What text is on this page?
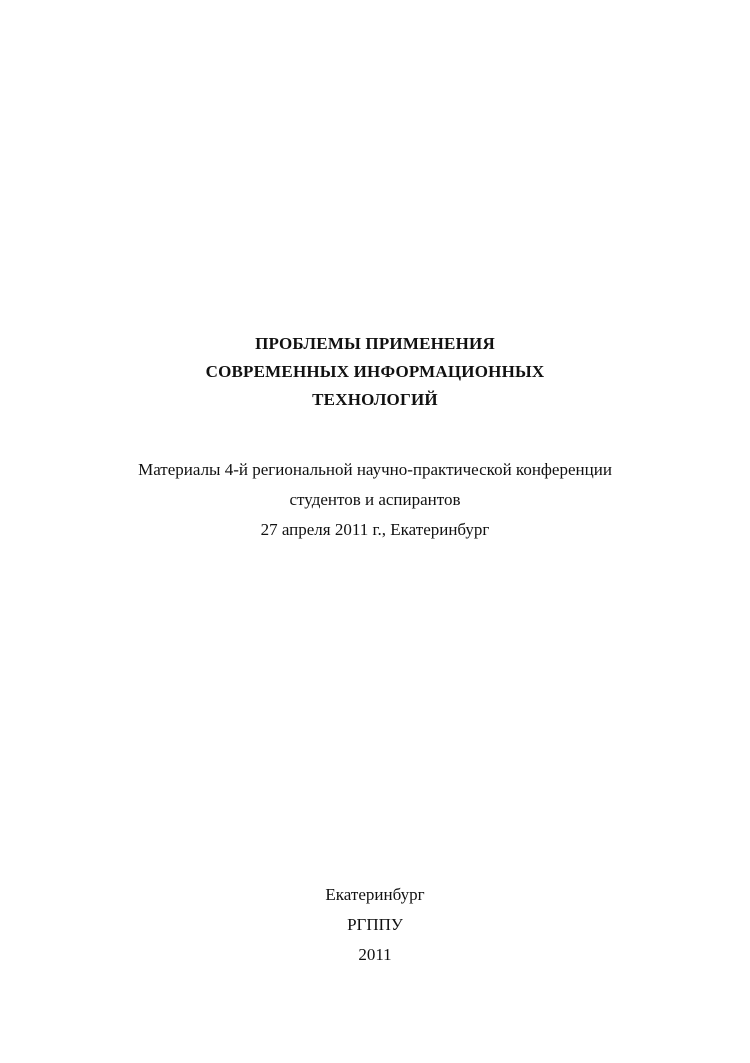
ПРОБЛЕМЫ ПРИМЕНЕНИЯ
СОВРЕМЕННЫХ ИНФОРМАЦИОННЫХ
ТЕХНОЛОГИЙ
Материалы 4-й региональной научно-практической конференции
студентов и аспирантов
27 апреля 2011 г., Екатеринбург
Екатеринбург
РГППУ
2011
